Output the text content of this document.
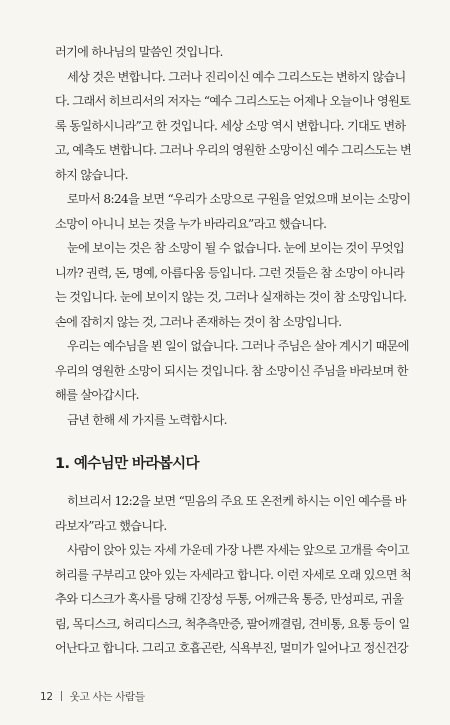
러기에 하나님의 말씀인 것입니다.

세상 것은 변합니다. 그러나 진리이신 예수 그리스도는 변하지 않습니
다. 그래서 히브리서의 저자는 “예수 그리스도는 어제나 오늘이나 영원토
록 동일하시니라”고 한 것입니다. 세상 소망 역시 변합니다. 기대도 변하
고, 예측도 변합니다. 그러나 우리의 영원한 소망이신 예수 그리스도는 변
하지 않습니다.

로마서 8:24을 보면 “우리가 소망으로 구원을 얻었으매 보이는 소망이
소망이 아니니 보는 것을 누가 바라리요”라고 했습니다.

눈에 보이는 것은 참 소망이 될 수 없습니다. 눈에 보이는 것이 무엇입
니까? 권력, 돈, 명예, 아름다움 등입니다. 그런 것들은 참 소망이 아니라
는 것입니다. 눈에 보이지 않는 것, 그러나 실재하는 것이 참 소망입니다.
손에 잡히지 않는 것, 그러나 존재하는 것이 참 소망입니다.

우리는 예수님을 뵌 일이 없습니다. 그러나 주님은 살아 계시기 때문에
우리의 영원한 소망이 되시는 것입니다. 참 소망이신 주님을 바라보며 한
해를 살아갑시다.

금년 한해 세 가지를 노력합시다.

1. 예수님만 바라봅시다

히브리서 12:2을 보면 “믿음의 주요 또 온전케 하시는 이인 예수를 바
라보자”라고 했습니다.

사람이 앉아 있는 자세 가운데 가장 나쁜 자세는 앞으로 고개를 숙이고
허리를 구부리고 앉아 있는 자세라고 합니다. 이런 자세로 오래 있으면 척
추와 디스크가 혹사를 당해 긴장성 두통, 어깨근육 통증, 만성피로, 귀울
림, 목디스크, 허리디스크, 척추측만증, 팔어깨결림, 견비통, 요통 등이 일
어난다고 합니다. 그리고 호흡곤란, 식욕부진, 멀미가 일어나고 정신건강

12 웃고 사는 사람들
